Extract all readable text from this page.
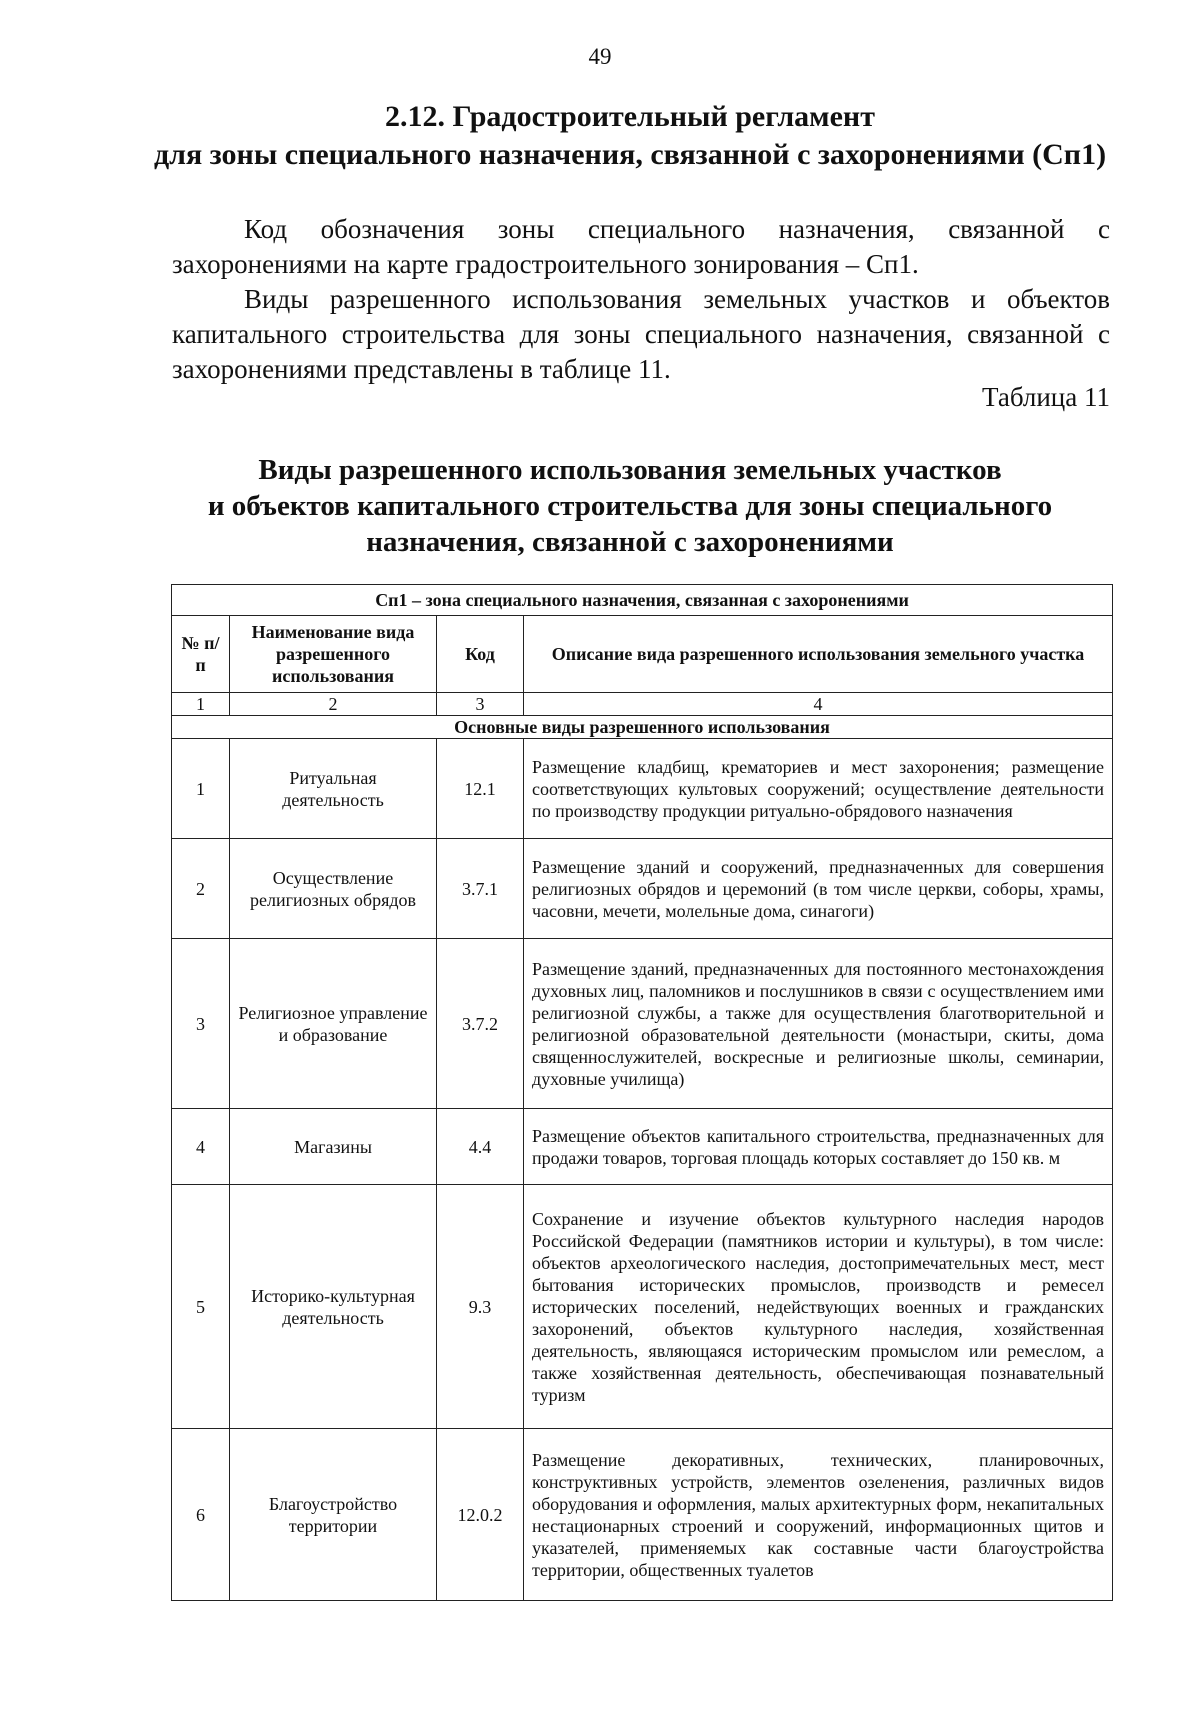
49
2.12. Градостроительный регламент
для зоны специального назначения, связанной с захоронениями (Сп1)
Код обозначения зоны специального назначения, связанной с захоронениями на карте градостроительного зонирования – Сп1.
Виды разрешенного использования земельных участков и объектов капитального строительства для зоны специального назначения, связанной с захоронениями представлены в таблице 11.
Таблица 11
Виды разрешенного использования земельных участков
и объектов капитального строительства для зоны специального
назначения, связанной с захоронениями
Сп1 – зона специального назначения, связанная с захоронениями			
№ п/п	Наименование вида разрешенного использования	Код	Описание вида разрешенного использования земельного участка
1	2	3	4
Основные виды разрешенного использования			
1	Ритуальная деятельность	12.1	Размещение кладбищ, крематориев и мест захоронения; размещение соответствующих культовых сооружений; осуществление деятельности по производству продукции ритуально-обрядового назначения
2	Осуществление религиозных обрядов	3.7.1	Размещение зданий и сооружений, предназначенных для совершения религиозных обрядов и церемоний (в том числе церкви, соборы, храмы, часовни, мечети, молельные дома, синагоги)
3	Религиозное управление и образование	3.7.2	Размещение зданий, предназначенных для постоянного местонахождения духовных лиц, паломников и послушников в связи с осуществлением ими религиозной службы, а также для осуществления благотворительной и религиозной образовательной деятельности (монастыри, скиты, дома священнослужителей, воскресные и религиозные школы, семинарии, духовные училища)
4	Магазины	4.4	Размещение объектов капитального строительства, предназначенных для продажи товаров, торговая площадь которых составляет до 150 кв. м
5	Историко-культурная деятельность	9.3	Сохранение и изучение объектов культурного наследия народов Российской Федерации (памятников истории и культуры), в том числе: объектов археологического наследия, достопримечательных мест, мест бытования исторических промыслов, производств и ремесел исторических поселений, недействующих военных и гражданских захоронений, объектов культурного наследия, хозяйственная деятельность, являющаяся историческим промыслом или ремеслом, а также хозяйственная деятельность, обеспечивающая познавательный туризм
6	Благоустройство территории	12.0.2	Размещение декоративных, технических, планировочных, конструктивных устройств, элементов озеленения, различных видов оборудования и оформления, малых архитектурных форм, некапитальных нестационарных строений и сооружений, информационных щитов и указателей, применяемых как составные части благоустройства территории, общественных туалетов
